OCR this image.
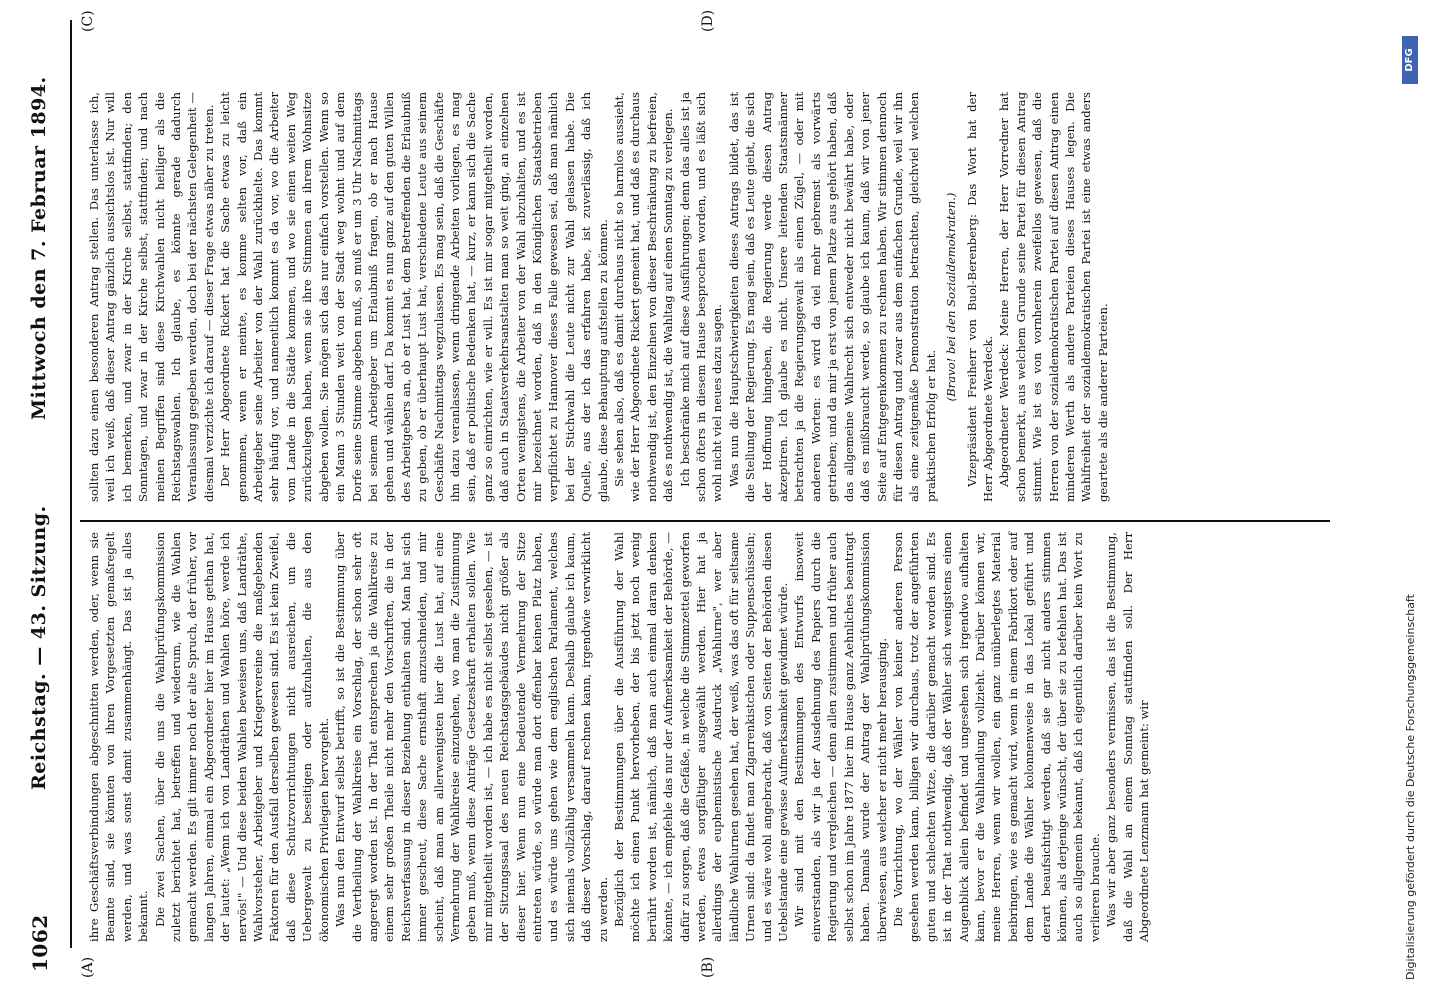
1062
Reichstag. — 43. Sitzung.
Mittwoch den 7. Februar 1894.
(A)	(B)
(C)	(D)

ihre Geschäftsverbindungen abgeschnitten werden, oder, wenn sie Beamte sind, sie könnten von ihren Vorgesetzten gemaßregelt werden, und was sonst damit zusammenhängt. Das ist ja alles bekannt. Die zwei Sachen, über die uns die Wahlprüfungskommission zuletzt berichtet hat, betreffen und wiederum, wie die Wahlen gemacht werden. Es gilt immer noch der alte Spruch, der früher, vor langen Jahren, einmal ein Abgeordneter hier im Hause gethan hat, der lautet: „Wenn ich von Landräthen und Wahlen höre, werde ich nervös!" — Und diese beiden Wahlen beweisen uns, daß Landräthe, Wahlvorsteher, Arbeitgeber und Kriegervereine die maßgebenden Faktoren für den Ausfall derselben gewesen sind. Es ist kein Zweifel, daß diese Schutzvorrichtungen nicht ausreichen, um die Uebergewalt zu beseitigen oder aufzuhalten, die aus den ökonomischen Privilegien hervorgeht. Was nun den Entwurf selbst betrifft, so ist die Bestimmung über die Vertheilung der Wahlkreise ein Vorschlag, der schon sehr oft angeregt worden ist. In der That entsprechen ja die Wahlkreise zu einem sehr großen Theile nicht mehr den Vorschriften, die in der Reichsverfassung in dieser Beziehung enthalten sind. Man hat sich immer gescheut, diese Sache ernsthaft anzuschneiden, und mir scheint, daß man am allerwenigsten hier die Lust hat, auf eine Vermehrung der Wahlkreise einzugehen, wo man die Zustimmung geben muß, wenn diese Anträge Gesetzeskraft erhalten sollen. Wie mir mitgetheilt worden ist, — ich habe es nicht selbst gesehen, — ist der Sitzungssaal des neuen Reichstagsgebäudes nicht größer als dieser hier. Wenn nun eine bedeutende Vermehrung der Sitze eintreten würde, so würde man dort offenbar keinen Platz haben, und es würde uns gehen wie dem englischen Parlament, welches sich niemals vollzählig versammeln kann. Deshalb glaube ich kaum, daß dieser Vorschlag, darauf rechnen kann, irgendwie verwirklicht zu werden. Bezüglich der Bestimmungen über die Ausführung der Wahl möchte ich einen Punkt hervorheben, der bis jetzt noch wenig berührt worden ist, nämlich, daß man auch einmal daran denken könnte, — ich empfehle das nur der Aufmerksamkeit der Behörde, — dafür zu sorgen, daß die Gefäße, in welche die Stimmzettel geworfen werden, etwas sorgfältiger ausgewählt werden. Hier hat ja allerdings der euphemistische Ausdruck „Wahlurne", wer aber ländliche Wahlurnen gesehen hat, der weiß, was das oft für seltsame Urnen sind: da findet man Zigarrenkistchen oder Suppenschüsseln; und es wäre wohl angebracht, daß von Seiten der Behörden diesen Uebelstande eine gewisse Aufmerksamkeit gewidmet würde. Wir sind mit den Bestimmungen des Entwurfs insoweit einverstanden, als wir ja der Ausdehnung des Papiers durch die Regierung und vergleichen — denn allen zustimmen und früher auch selbst schon im Jahre 1877 hier im Hause ganz Aehnliches beantragt haben. Damals wurde der Antrag der Wahlprüfungskommission überwiesen, aus welcher er nicht mehr herausging. Die Vorrichtung, wo der Wähler von keiner anderen Person gesehen werden kann, billigen wir durchaus, trotz der angeführten guten und schlechten Witze, die darüber gemacht worden sind. Es ist in der That nothwendig, daß der Wähler sich wenigstens einen Augenblick allein befindet und ungesehen sich irgendwo aufhalten kann, bevor er die Wahlhandlung vollzieht. Darüber können wir, meine Herren, wenn wir wollen, ein ganz unüberlegtes Material beibringen, wie es gemacht wird, wenn in einem Fabrikort oder auf dem Lande die Wähler kolonnenweise in das Lokal geführt und derart beaufsichtigt werden, daß sie gar nicht anders stimmen können, als derjenige wünscht, der über sie zu befehlen hat. Das ist auch so allgemein bekannt, daß ich eigentlich darüber kein Wort zu verlieren brauche. Was wir aber ganz besonders vermissen, das ist die Bestimmung, daß die Wahl an einem Sonntag stattfinden soll. Der Herr Abgeordnete Lenzmann hat gemeint: wir

sollten dazu einen besonderen Antrag stellen. Das unterlasse ich, weil ich weiß, daß dieser Antrag gänzlich aussichtslos ist. Nur will ich bemerken, und zwar in der Kirche selbst, stattfinden; den Sonntagen, und zwar in der Kirche selbst, stattfinden; und nach meinen Begriffen sind diese Kirchwahlen nicht heiliger als die Reichstagswahlen. Ich glaube, es könnte gerade dadurch Veranlassung gegeben werden, doch bei der nächsten Gelegenheit — diesmal verzichte ich darauf — dieser Frage etwas näher zu treten. Der Herr Abgeordnete Rickert hat die Sache etwas zu leicht genommen, wenn er meinte, es komme selten vor, daß ein Arbeitgeber seine Arbeiter von der Wahl zurückhielte. Das kommt sehr häufig vor, und namentlich kommt es da vor, wo die Arbeiter vom Lande in die Städte kommen, und wo sie einen weiten Weg zurückzulegen haben, wenn sie ihre Stimmen an ihrem Wohnsitze abgeben wollen. Sie mögen sich das nur einfach vorstellen. Wenn so ein Mann 3 Stunden weit von der Stadt weg wohnt und auf dem Dorfe seine Stimme abgeben muß, so muß er um 3 Uhr Nachmittags bei seinem Arbeitgeber um Erlaubniß fragen, ob er nach Hause gehen und wählen darf. Da kommt es nun ganz auf den guten Willen des Arbeitgebers an, ob er Lust hat, dem Betreffenden die Erlaubniß zu geben, ob er überhaupt Lust hat, verschiedene Leute aus seinem Geschäfte Nachmittags wegzulassen. Es mag sein, daß die Geschäfte ihn dazu veranlassen, wenn dringende Arbeiten vorliegen, es mag sein, daß er politische Bedenken hat, — kurz, er kann sich die Sache ganz so einrichten, wie er will. Es ist mir sogar mitgetheilt worden, daß auch in Staatsverkehrsanstalten man so weit ging, an einzelnen Orten wenigstens, die Arbeiter von der Wahl abzuhalten, und es ist mir bezeichnet worden, daß in den Königlichen Staatsbetrieben verpflichtet zu Hannover dieses Falle gewesen sei, daß man nämlich bei der Stichwahl die Leute nicht zur Wahl gelassen habe. Die Quelle, aus der ich das erfahren habe, ist zuverlässig, daß ich glaube, diese Behauptung aufstellen zu können. Sie sehen also, daß es damit durchaus nicht so harmlos aussieht, wie der Herr Abgeordnete Rickert gemeint hat, und daß es durchaus nothwendig ist, den Einzelnen von dieser Beschränkung zu befreien, daß es nothwendig ist, die Wahltag auf einen Sonntag zu verlegen. Ich beschränke mich auf diese Ausführungen; denn das alles ist ja schon öfters in diesem Hause besprochen worden, und es läßt sich wohl nicht viel neues dazu sagen. Was nun die Hauptschwierigkeiten dieses Antrags bildet, das ist die Stellung der Regierung. Es mag sein, daß es Leute giebt, die sich der Hoffnung hingeben, die Regierung werde diesen Antrag akzeptiren. Ich glaube es nicht. Unsere leitenden Staatsmänner betrachten ja die Regierungsgewalt als einen Zügel, — oder mit anderen Worten: es wird da viel mehr gebremst als vorwärts getrieben; und da mir ja erst von jenem Platze aus gehört haben, daß das allgemeine Wahlrecht sich entweder nicht bewährt habe, oder daß es mißbraucht werde, so glaube ich kaum, daß wir von jener Seite auf Entgegenkommen zu rechnen haben. Wir stimmen dennoch für diesen Antrag und zwar aus dem einfachen Grunde, weil wir ihn als eine zeitgemäße Demonstration betrachten, gleichviel welchen praktischen Erfolg er hat.

(Bravo! bei den Sozialdemokraten.) Vizepräsident Freiherr von Buol-Berenberg: Das Wort hat der Herr Abgeordnete Werdeck. Abgeordneter Werdeck: Meine Herren, der Herr Vorredner hat schon bemerkt, aus welchem Grunde seine Partei für diesen Antrag stimmt. Wie ist es von vornherein zweifellos gewesen, daß die Herren von der sozialdemokratischen Partei auf diesen Antrag einen minderen Werth als andere Parteien dieses Hauses legen. Die Wahlfreiheit der sozialdemokratischen Partei ist eine etwas anders geartete als die anderer Parteien.

Digitalisierung gefördert durch die Deutsche Forschungsgemeinschaft
DFG
